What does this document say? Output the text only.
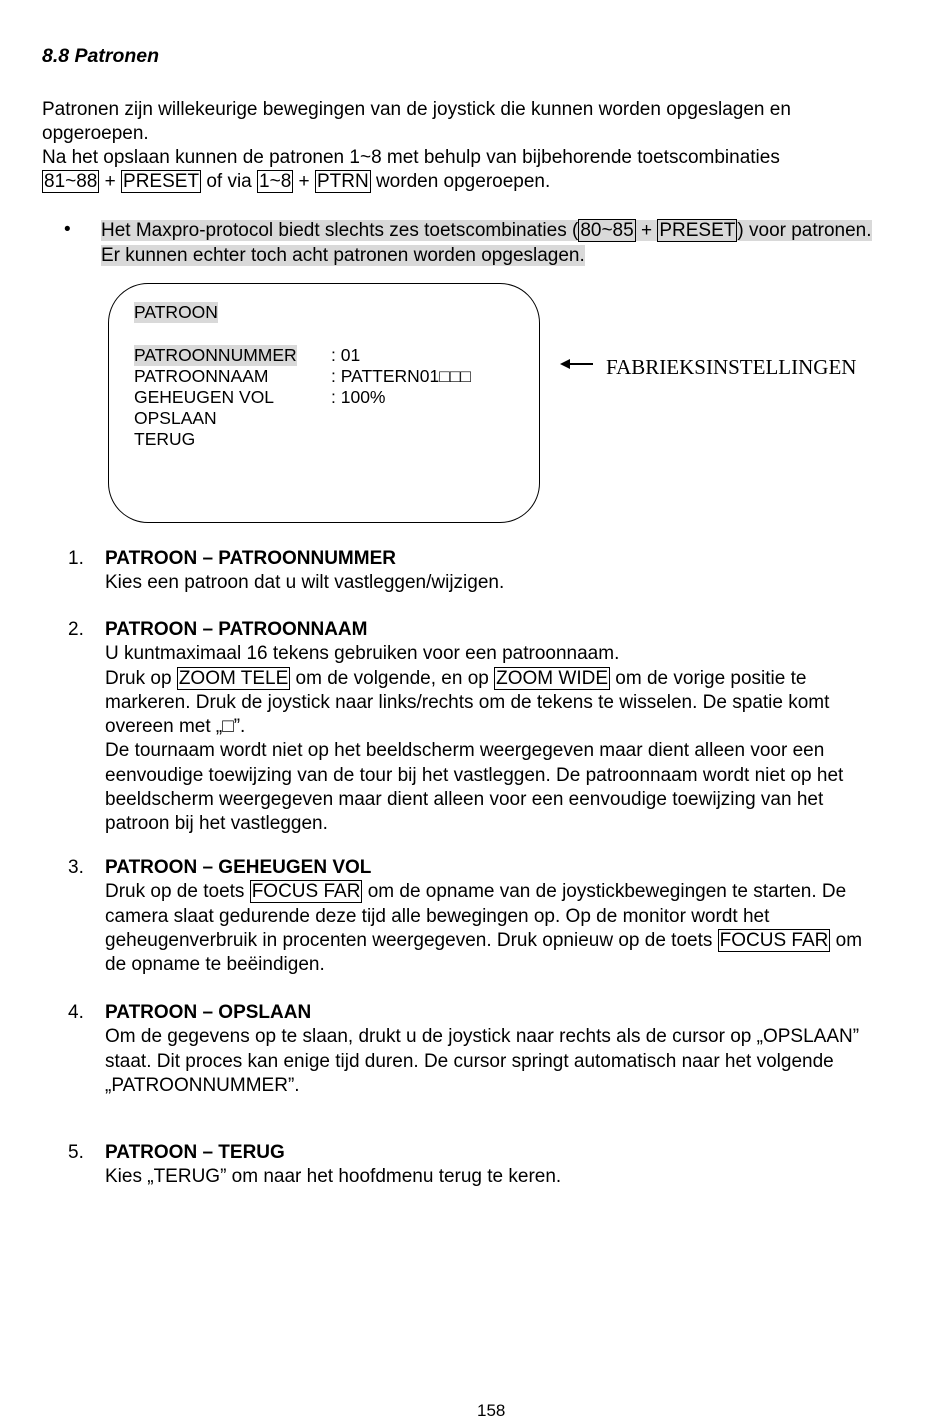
8.8 Patronen
Patronen zijn willekeurige bewegingen van de joystick die kunnen worden opgeslagen en
opgeroepen.
Na het opslaan kunnen de patronen 1~8 met behulp van bijbehorende toetscombinaties
81~88 + PRESET of via 1~8 + PTRN worden opgeroepen.
• Het Maxpro-protocol biedt slechts zes toetscombinaties ( 80~85 + PRESET ) voor patronen.
Er kunnen echter toch acht patronen worden opgeslagen.
PATROON
PATROONNUMMER : 01
PATROONNAAM	: PATTERN01□□□
GEHEUGEN VOL	: 100%
OPSLAAN
TERUG
FABRIEKSINSTELLINGEN
1. PATROON – PATROONNUMMER
Kies een patroon dat u wilt vastleggen/wijzigen.
2. PATROON – PATROONNAAM
U kuntmaximaal 16 tekens gebruiken voor een patroonnaam.
Druk op ZOOM TELE om de volgende, en op ZOOM WIDE om de vorige positie te
markeren. Druk de joystick naar links/rechts om de tekens te wisselen. De spatie komt
overeen met „□”.
De tournaam wordt niet op het beeldscherm weergegeven maar dient alleen voor een
eenvoudige toewijzing van de tour bij het vastleggen. De patroonnaam wordt niet op het
beeldscherm weergegeven maar dient alleen voor een eenvoudige toewijzing van het
patroon bij het vastleggen.
3. PATROON – GEHEUGEN VOL
Druk op de toets FOCUS FAR om de opname van de joystickbewegingen te starten. De
camera slaat gedurende deze tijd alle bewegingen op. Op de monitor wordt het
geheugenverbruik in procenten weergegeven. Druk opnieuw op de toets FOCUS FAR om
de opname te beëindigen.
4. PATROON – OPSLAAN
Om de gegevens op te slaan, drukt u de joystick naar rechts als de cursor op „OPSLAAN”
staat. Dit proces kan enige tijd duren. De cursor springt automatisch naar het volgende
„PATROONNUMMER”.
5. PATROON – TERUG
Kies „TERUG” om naar het hoofdmenu terug te keren.
158
